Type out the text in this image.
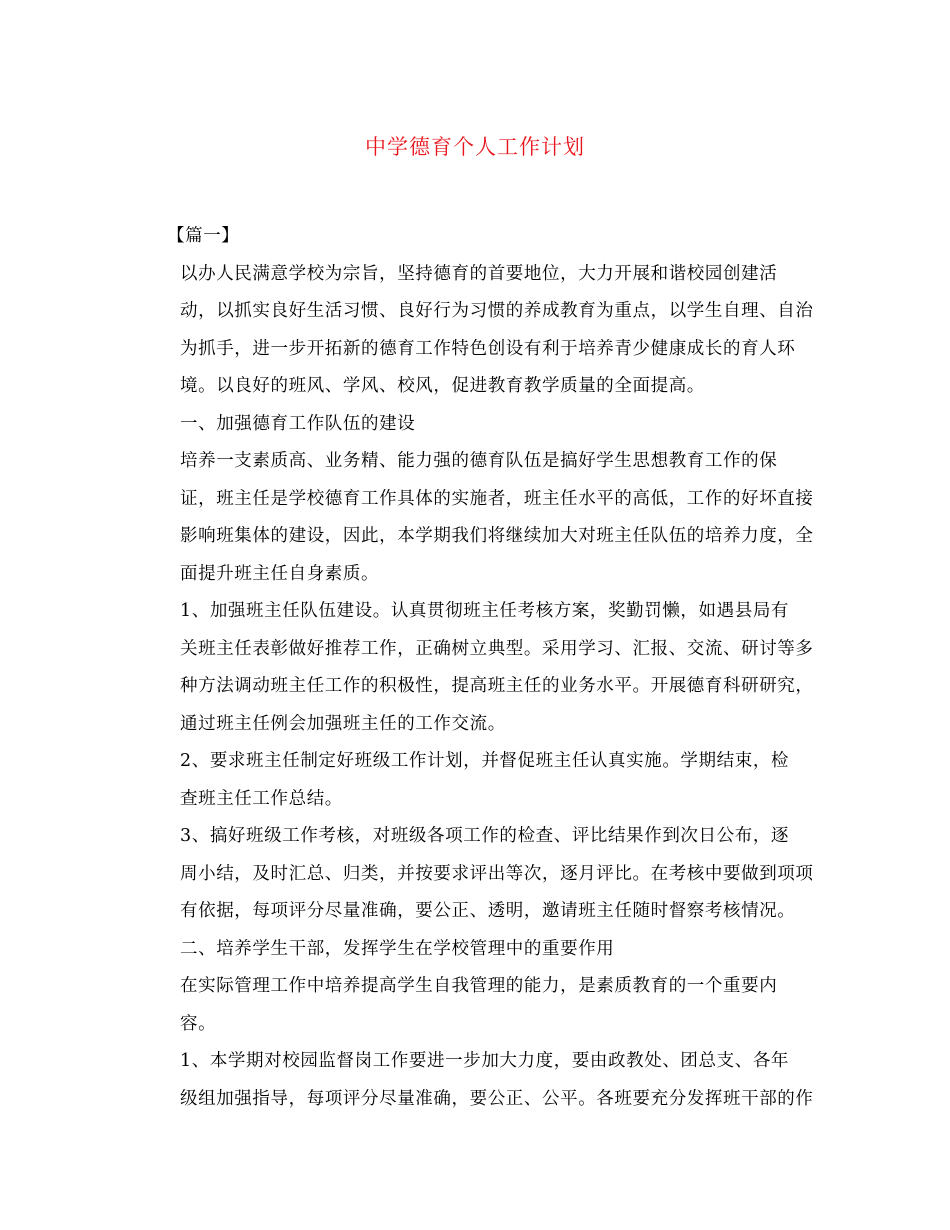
中学德育个人工作计划

【篇一】

以办人民满意学校为宗旨，坚持德育的首要地位，大力开展和谐校园创建活
动，以抓实良好生活习惯、良好行为习惯的养成教育为重点，以学生自理、自治
为抓手，进一步开拓新的德育工作特色创设有利于培养青少健康成长的育人环
境。以良好的班风、学风、校风，促进教育教学质量的全面提高。

一、加强德育工作队伍的建设

培养一支素质高、业务精、能力强的德育队伍是搞好学生思想教育工作的保
证，班主任是学校德育工作具体的实施者，班主任水平的高低，工作的好坏直接
影响班集体的建设，因此，本学期我们将继续加大对班主任队伍的培养力度，全
面提升班主任自身素质。

1、加强班主任队伍建设。认真贯彻班主任考核方案，奖勤罚懒，如遇县局有
关班主任表彰做好推荐工作，正确树立典型。采用学习、汇报、交流、研讨等多
种方法调动班主任工作的积极性，提高班主任的业务水平。开展德育科研研究，
通过班主任例会加强班主任的工作交流。

2、要求班主任制定好班级工作计划，并督促班主任认真实施。学期结束，检
查班主任工作总结。

3、搞好班级工作考核，对班级各项工作的检查、评比结果作到次日公布，逐
周小结，及时汇总、归类，并按要求评出等次，逐月评比。在考核中要做到项项
有依据，每项评分尽量准确，要公正、透明，邀请班主任随时督察考核情况。

二、培养学生干部，发挥学生在学校管理中的重要作用

在实际管理工作中培养提高学生自我管理的能力，是素质教育的一个重要内
容。

1、本学期对校园监督岗工作要进一步加大力度，要由政教处、团总支、各年
级组加强指导，每项评分尽量准确，要公正、公平。各班要充分发挥班干部的作
